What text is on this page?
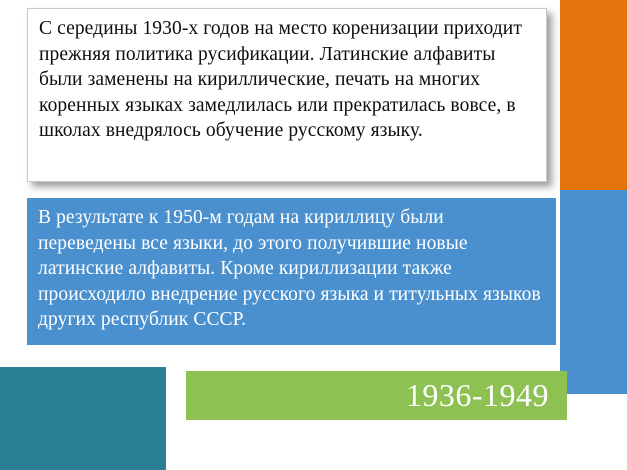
С середины 1930-х годов на место коренизации приходит прежняя политика русификации. Латинские алфавиты были заменены на кириллические, печать на многих коренных языках замедлилась или прекратилась вовсе, в школах внедрялось обучение русскому языку.
В результате к 1950-м годам на кириллицу были переведены все языки, до этого получившие новые латинские алфавиты. Кроме кириллизации также происходило внедрение русского языка и титульных языков других республик СССР.
1936-1949
